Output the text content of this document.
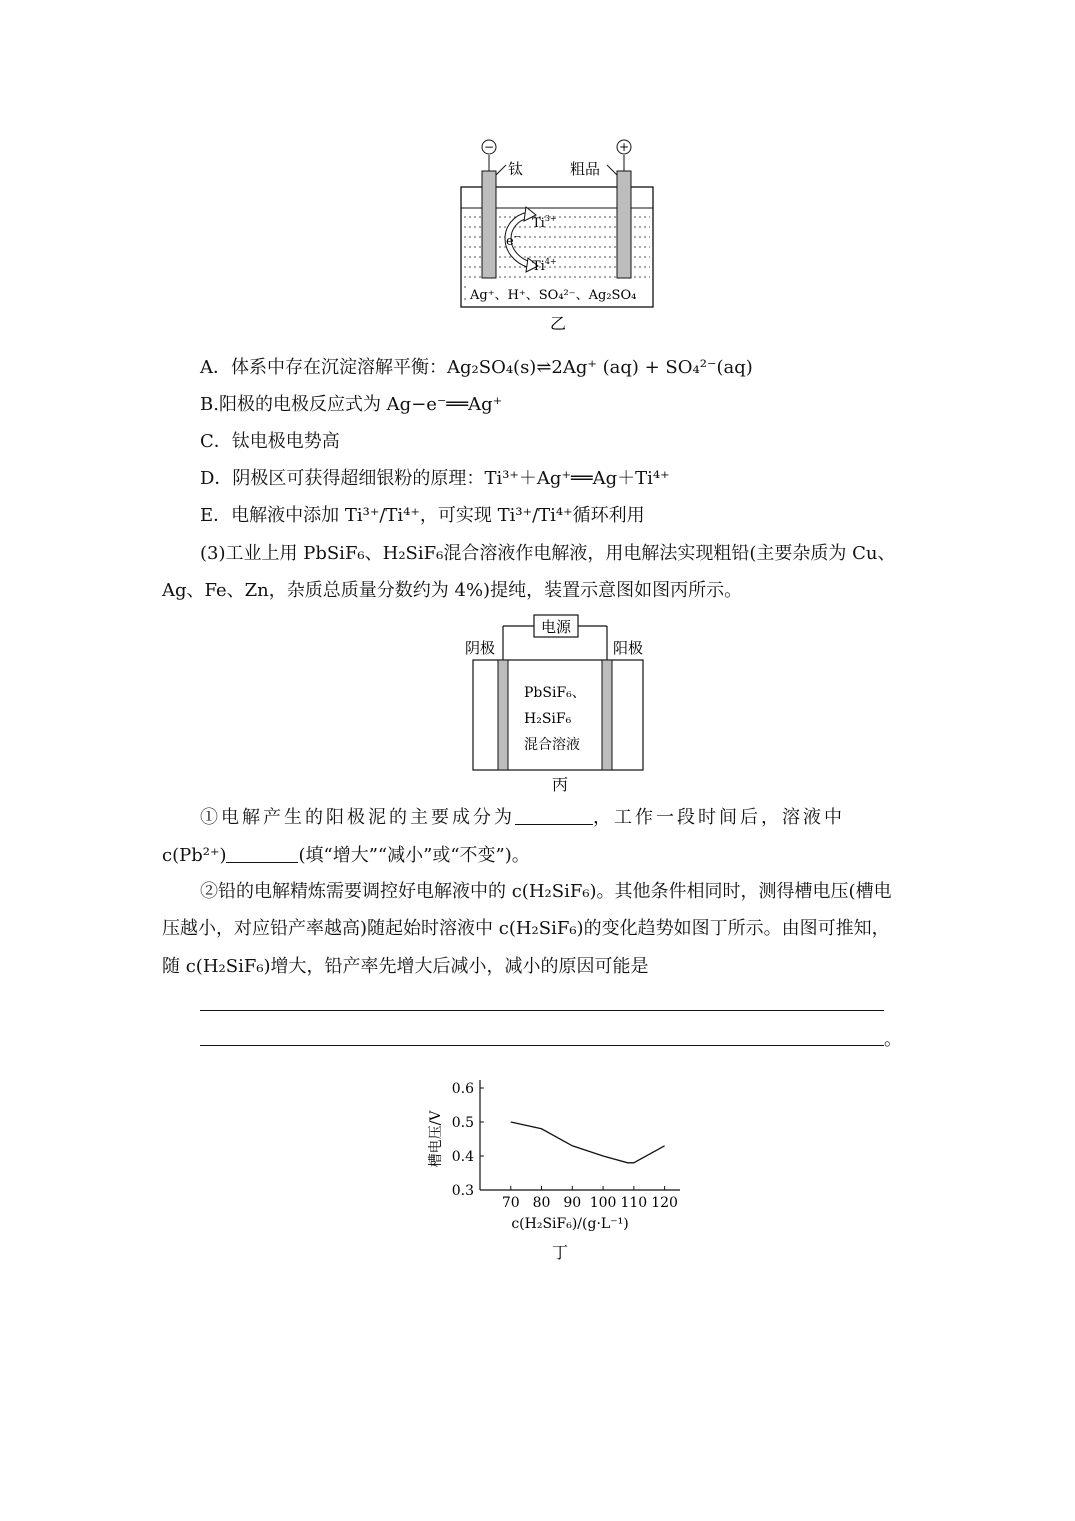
−
钛
+
粗品
e−
$Ti^{3+}$
$Ti^{4+}$
Ag⁺、H⁺、SO₄²⁻、Ag₂SO₄
乙
A．体系中存在沉淀溶解平衡：Ag₂SO₄(s)⇌2Ag⁺ (aq) + SO₄²⁻(aq)
B.阳极的电极反应式为 Ag−e⁻══Ag⁺
C．钛电极电势高
D．阴极区可获得超细银粉的原理：Ti³⁺＋Ag⁺══Ag＋Ti⁴⁺
E．电解液中添加 Ti³⁺/Ti⁴⁺，可实现 Ti³⁺/Ti⁴⁺循环利用
(3)工业上用 PbSiF₆、H₂SiF₆混合溶液作电解液，用电解法实现粗铅(主要杂质为 Cu、
Ag、Fe、Zn，杂质总质量分数约为 4%)提纯，装置示意图如图丙所示。
电源
阴极	阳极
PbSiF₆、
H₂SiF₆
混合溶液
丙
①电解产生的阳极泥的主要成分为	，工作一段时间后，溶液中
c(Pb²⁺)	(填“增大”“减小”或“不变”)。
②铅的电解精炼需要调控好电解液中的 c(H₂SiF₆)。其他条件相同时，测得槽电压(槽电
压越小，对应铅产率越高)随起始时溶液中 c(H₂SiF₆)的变化趋势如图丁所示。由图可推知，
随 c(H₂SiF₆)增大，铅产率先增大后减小，减小的原因可能是
。
70 80 90 100 110 120
0.3
0.4
0.5
0.6
槽电压/V
c(H₂SiF₆)/(g·L⁻¹)
丁
